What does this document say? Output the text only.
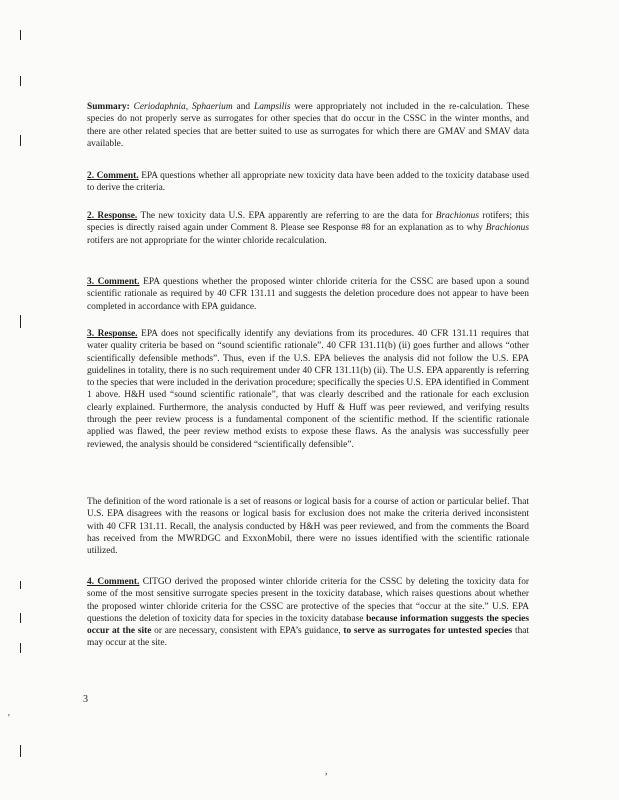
'
,

Summary: Ceriodaphnia, Sphaerium and Lampsilis were appropriately not included in the re-calculation. These species do not properly serve as surrogates for other species that do occur in the CSSC in the winter months, and there are other related species that are better suited to use as surrogates for which there are GMAV and SMAV data available.

2. Comment. EPA questions whether all appropriate new toxicity data have been added to the toxicity database used to derive the criteria.

2. Response. The new toxicity data U.S. EPA apparently are referring to are the data for Brachionus rotifers; this species is directly raised again under Comment 8. Please see Response #8 for an explanation as to why Brachionus rotifers are not appropriate for the winter chloride recalculation.

3. Comment. EPA questions whether the proposed winter chloride criteria for the CSSC are based upon a sound scientific rationale as required by 40 CFR 131.11 and suggests the deletion procedure does not appear to have been completed in accordance with EPA guidance.

3. Response. EPA does not specifically identify any deviations from its procedures. 40 CFR 131.11 requires that water quality criteria be based on “sound scientific rationale”. 40 CFR 131.11(b) (ii) goes further and allows “other scientifically defensible methods”. Thus, even if the U.S. EPA believes the analysis did not follow the U.S. EPA guidelines in totality, there is no such requirement under 40 CFR 131.11(b) (ii). The U.S. EPA apparently is referring to the species that were included in the derivation procedure; specifically the species U.S. EPA identified in Comment 1 above. H&H used “sound scientific rationale”, that was clearly described and the rationale for each exclusion clearly explained. Furthermore, the analysis conducted by Huff & Huff was peer reviewed, and verifying results through the peer review process is a fundamental component of the scientific method. If the scientific rationale applied was flawed, the peer review method exists to expose these flaws. As the analysis was successfully peer reviewed, the analysis should be considered “scientifically defensible”.

The definition of the word rationale is a set of reasons or logical basis for a course of action or particular belief. That U.S. EPA disagrees with the reasons or logical basis for exclusion does not make the criteria derived inconsistent with 40 CFR 131.11. Recall, the analysis conducted by H&H was peer reviewed, and from the comments the Board has received from the MWRDGC and ExxonMobil, there were no issues identified with the scientific rationale utilized.

4. Comment. CITGO derived the proposed winter chloride criteria for the CSSC by deleting the toxicity data for some of the most sensitive surrogate species present in the toxicity database, which raises questions about whether the proposed winter chloride criteria for the CSSC are protective of the species that “occur at the site.” U.S. EPA questions the deletion of toxicity data for species in the toxicity database because information suggests the species occur at the site or are necessary, consistent with EPA’s guidance, to serve as surrogates for untested species that may occur at the site.

3
